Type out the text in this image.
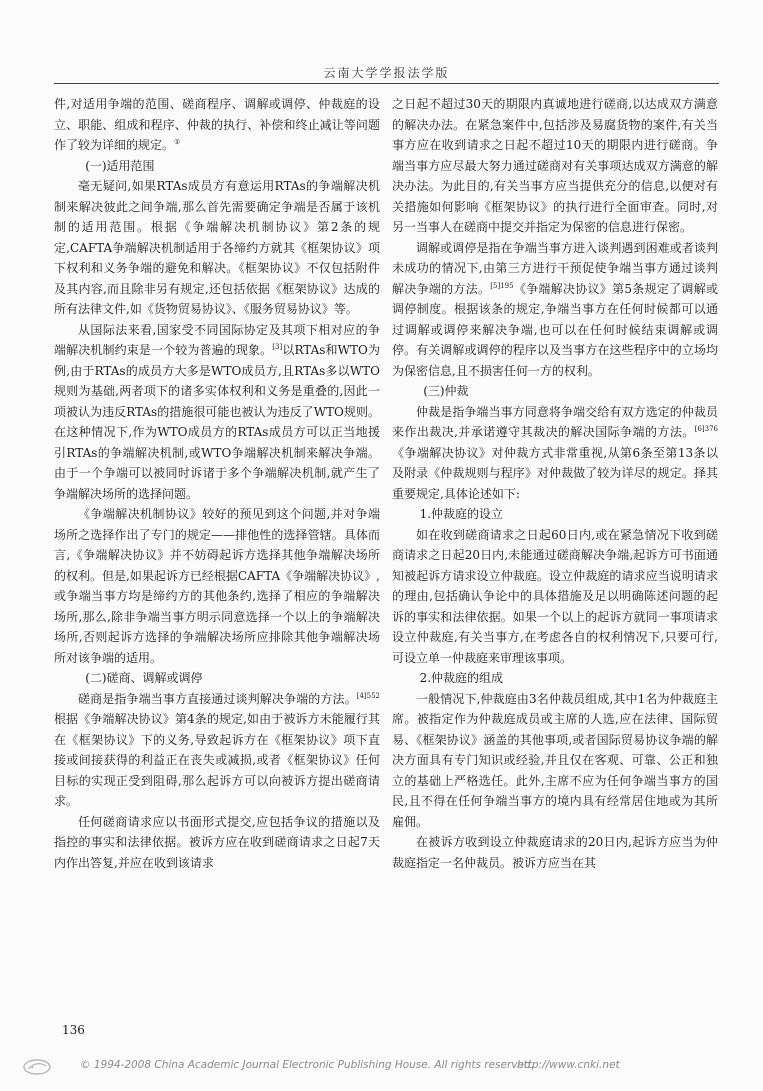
云南大学学报法学版
件,对适用争端的范围、磋商程序、调解或调停、仲裁庭的设立、职能、组成和程序、仲裁的执行、补偿和终止减让等问题作了较为详细的规定。①
(一)适用范围
毫无疑问,如果RTAs成员方有意运用RTAs的争端解决机制来解决彼此之间争端,那么首先需要确定争端是否属于该机制的适用范围。根据《争端解决机制协议》第2条的规定,CAFTA争端解决机制适用于各缔约方就其《框架协议》项下权利和义务争端的避免和解决。《框架协议》不仅包括附件及其内容,而且除非另有规定,还包括依据《框架协议》达成的所有法律文件,如《货物贸易协议》、《服务贸易协议》等。
从国际法来看,国家受不同国际协定及其项下相对应的争端解决机制约束是一个较为普遍的现象。[3]以RTAs和WTO为例,由于RTAs的成员方大多是WTO成员方,且RTAs多以WTO规则为基础,两者项下的诸多实体权利和义务是重叠的,因此一项被认为违反RTAs的措施很可能也被认为违反了WTO规则。在这种情况下,作为WTO成员方的RTAs成员方可以正当地援引RTAs的争端解决机制,或WTO争端解决机制来解决争端。由于一个争端可以被同时诉诸于多个争端解决机制,就产生了争端解决场所的选择问题。
《争端解决机制协议》较好的预见到这个问题,并对争端场所之选择作出了专门的规定——排他性的选择管辖。具体而言,《争端解决协议》并不妨碍起诉方选择其他争端解决场所的权利。但是,如果起诉方已经根据CAFTA《争端解决协议》,或争端当事方均是缔约方的其他条约,选择了相应的争端解决场所,那么,除非争端当事方明示同意选择一个以上的争端解决场所,否则起诉方选择的争端解决场所应排除其他争端解决场所对该争端的适用。
(二)磋商、调解或调停
磋商是指争端当事方直接通过谈判解决争端的方法。$^{[4]552}$根据《争端解决协议》第4条的规定,如由于被诉方未能履行其在《框架协议》下的义务,导致起诉方在《框架协议》项下直接或间接获得的利益正在丧失或减损,或者《框架协议》任何目标的实现正受到阻碍,那么起诉方可以向被诉方提出磋商请求。
任何磋商请求应以书面形式提交,应包括争议的措施以及指控的事实和法律依据。被诉方应在收到磋商请求之日起7天内作出答复,并应在收到该请求
之日起不超过30天的期限内真诚地进行磋商,以达成双方满意的解决办法。在紧急案件中,包括涉及易腐货物的案件,有关当事方应在收到请求之日起不超过10天的期限内进行磋商。争端当事方应尽最大努力通过磋商对有关事项达成双方满意的解决办法。为此目的,有关当事方应当提供充分的信息,以便对有关措施如何影响《框架协议》的执行进行全面审查。同时,对另一当事人在磋商中提交并指定为保密的信息进行保密。
调解或调停是指在争端当事方进入谈判遇到困难或者谈判未成功的情况下,由第三方进行干预促使争端当事方通过谈判解决争端的方法。$^{[5]195}$《争端解决协议》第5条规定了调解或调停制度。根据该条的规定,争端当事方在任何时候都可以通过调解或调停来解决争端,也可以在任何时候结束调解或调停。有关调解或调停的程序以及当事方在这些程序中的立场均为保密信息,且不损害任何一方的权利。
(三)仲裁
仲裁是指争端当事方同意将争端交给有双方选定的仲裁员来作出裁决,并承诺遵守其裁决的解决国际争端的方法。$^{[6]376}$《争端解决协议》对仲裁方式非常重视,从第6条至第13条以及附录《仲裁规则与程序》对仲裁做了较为详尽的规定。择其重要规定,具体论述如下:
1.仲裁庭的设立
如在收到磋商请求之日起60日内,或在紧急情况下收到磋商请求之日起20日内,未能通过磋商解决争端,起诉方可书面通知被起诉方请求设立仲裁庭。设立仲裁庭的请求应当说明请求的理由,包括确认争论中的具体措施及足以明确陈述问题的起诉的事实和法律依据。如果一个以上的起诉方就同一事项请求设立仲裁庭,有关当事方,在考虑各自的权利情况下,只要可行,可设立单一仲裁庭来审理该事项。
2.仲裁庭的组成
一般情况下,仲裁庭由3名仲裁员组成,其中1名为仲裁庭主席。被指定作为仲裁庭成员或主席的人选,应在法律、国际贸易、《框架协议》涵盖的其他事项,或者国际贸易协议争端的解决方面具有专门知识或经验,并且仅在客观、可靠、公正和独立的基础上严格选任。此外,主席不应为任何争端当事方的国民,且不得在任何争端当事方的境内具有经常居住地或为其所雇佣。
在被诉方收到设立仲裁庭请求的20日内,起诉方应当为仲裁庭指定一名仲裁员。被诉方应当在其
136
© 1994-2008 China Academic Journal Electronic Publishing House. All rights reserved.
http://www.cnki.net
